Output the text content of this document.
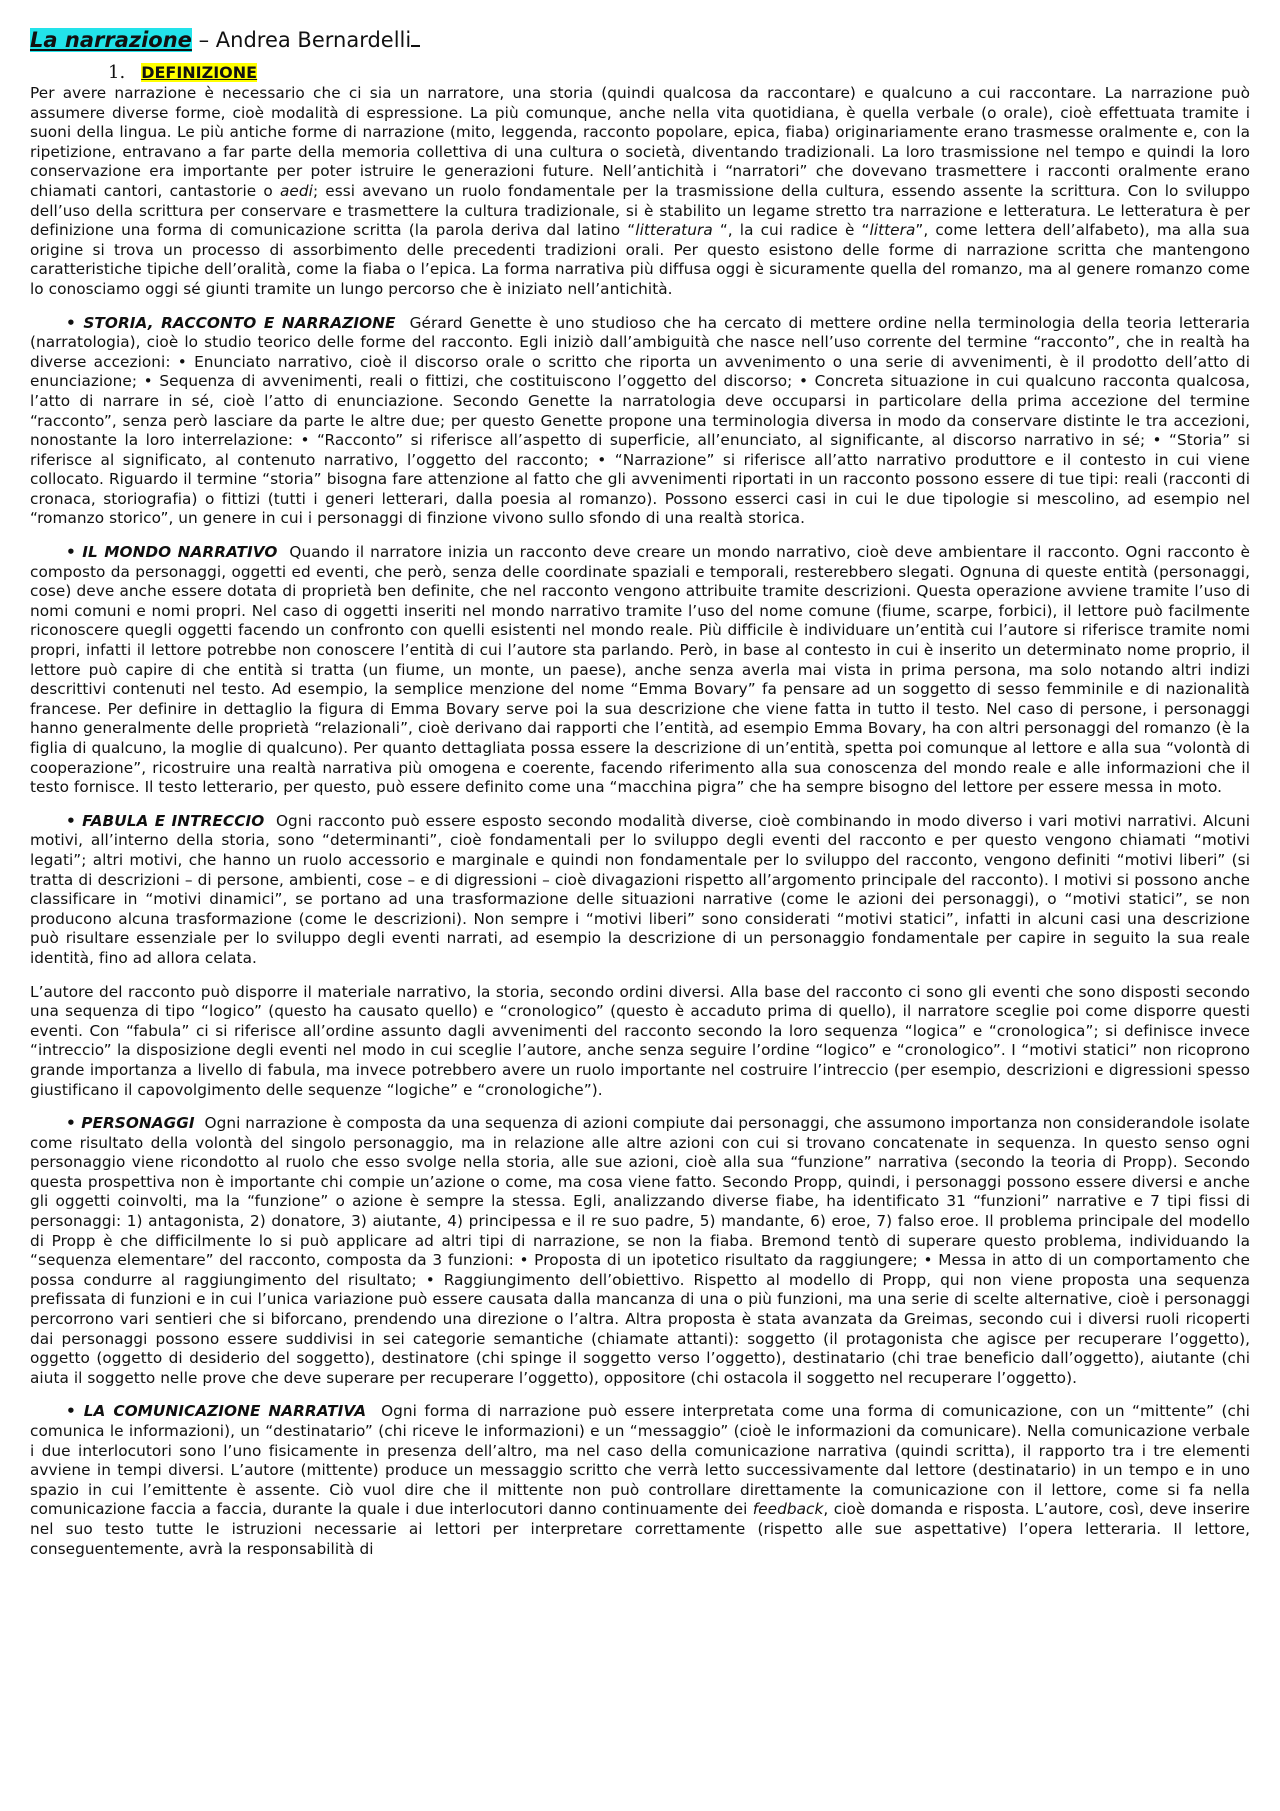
La narrazione – Andrea Bernardelli
1. DEFINIZIONE

Per avere narrazione è necessario che ci sia un narratore, una storia (quindi qualcosa da raccontare) e qualcuno a cui raccontare. La narrazione può assumere diverse forme, cioè modalità di espressione. La più comunque, anche nella vita quotidiana, è quella verbale (o orale), cioè effettuata tramite i suoni della lingua. Le più antiche forme di narrazione (mito, leggenda, racconto popolare, epica, fiaba) originariamente erano trasmesse oralmente e, con la ripetizione, entravano a far parte della memoria collettiva di una cultura o società, diventando tradizionali. La loro trasmissione nel tempo e quindi la loro conservazione era importante per poter istruire le generazioni future. Nell’antichità i “narratori” che dovevano trasmettere i racconti oralmente erano chiamati cantori, cantastorie o aedi; essi avevano un ruolo fondamentale per la trasmissione della cultura, essendo assente la scrittura. Con lo sviluppo dell’uso della scrittura per conservare e trasmettere la cultura tradizionale, si è stabilito un legame stretto tra narrazione e letteratura. Le letteratura è per definizione una forma di comunicazione scritta (la parola deriva dal latino “litteratura “, la cui radice è “littera”, come lettera dell’alfabeto), ma alla sua origine si trova un processo di assorbimento delle precedenti tradizioni orali. Per questo esistono delle forme di narrazione scritta che mantengono caratteristiche tipiche dell’oralità, come la fiaba o l’epica. La forma narrativa più diffusa oggi è sicuramente quella del romanzo, ma al genere romanzo come lo conosciamo oggi sé giunti tramite un lungo percorso che è iniziato nell’antichità.

• STORIA, RACCONTO E NARRAZIONE Gérard Genette è uno studioso che ha cercato di mettere ordine nella terminologia della teoria letteraria (narratologia), cioè lo studio teorico delle forme del racconto. Egli iniziò dall’ambiguità che nasce nell’uso corrente del termine “racconto”, che in realtà ha diverse accezioni: • Enunciato narrativo, cioè il discorso orale o scritto che riporta un avvenimento o una serie di avvenimenti, è il prodotto dell’atto di enunciazione; • Sequenza di avvenimenti, reali o fittizi, che costituiscono l’oggetto del discorso; • Concreta situazione in cui qualcuno racconta qualcosa, l’atto di narrare in sé, cioè l’atto di enunciazione. Secondo Genette la narratologia deve occuparsi in particolare della prima accezione del termine “racconto”, senza però lasciare da parte le altre due; per questo Genette propone una terminologia diversa in modo da conservare distinte le tra accezioni, nonostante la loro interrelazione: • “Racconto” si riferisce all’aspetto di superficie, all’enunciato, al significante, al discorso narrativo in sé; • “Storia” si riferisce al significato, al contenuto narrativo, l’oggetto del racconto; • “Narrazione” si riferisce all’atto narrativo produttore e il contesto in cui viene collocato. Riguardo il termine “storia” bisogna fare attenzione al fatto che gli avvenimenti riportati in un racconto possono essere di tue tipi: reali (racconti di cronaca, storiografia) o fittizi (tutti i generi letterari, dalla poesia al romanzo). Possono esserci casi in cui le due tipologie si mescolino, ad esempio nel “romanzo storico”, un genere in cui i personaggi di finzione vivono sullo sfondo di una realtà storica.

• IL MONDO NARRATIVO Quando il narratore inizia un racconto deve creare un mondo narrativo, cioè deve ambientare il racconto. Ogni racconto è composto da personaggi, oggetti ed eventi, che però, senza delle coordinate spaziali e temporali, resterebbero slegati. Ognuna di queste entità (personaggi, cose) deve anche essere dotata di proprietà ben definite, che nel racconto vengono attribuite tramite descrizioni. Questa operazione avviene tramite l’uso di nomi comuni e nomi propri. Nel caso di oggetti inseriti nel mondo narrativo tramite l’uso del nome comune (fiume, scarpe, forbici), il lettore può facilmente riconoscere quegli oggetti facendo un confronto con quelli esistenti nel mondo reale. Più difficile è individuare un’entità cui l’autore si riferisce tramite nomi propri, infatti il lettore potrebbe non conoscere l’entità di cui l’autore sta parlando. Però, in base al contesto in cui è inserito un determinato nome proprio, il lettore può capire di che entità si tratta (un fiume, un monte, un paese), anche senza averla mai vista in prima persona, ma solo notando altri indizi descrittivi contenuti nel testo. Ad esempio, la semplice menzione del nome “Emma Bovary” fa pensare ad un soggetto di sesso femminile e di nazionalità francese. Per definire in dettaglio la figura di Emma Bovary serve poi la sua descrizione che viene fatta in tutto il testo. Nel caso di persone, i personaggi hanno generalmente delle proprietà “relazionali”, cioè derivano dai rapporti che l’entità, ad esempio Emma Bovary, ha con altri personaggi del romanzo (è la figlia di qualcuno, la moglie di qualcuno). Per quanto dettagliata possa essere la descrizione di un’entità, spetta poi comunque al lettore e alla sua “volontà di cooperazione”, ricostruire una realtà narrativa più omogena e coerente, facendo riferimento alla sua conoscenza del mondo reale e alle informazioni che il testo fornisce. Il testo letterario, per questo, può essere definito come una “macchina pigra” che ha sempre bisogno del lettore per essere messa in moto.

• FABULA E INTRECCIO Ogni racconto può essere esposto secondo modalità diverse, cioè combinando in modo diverso i vari motivi narrativi. Alcuni motivi, all’interno della storia, sono “determinanti”, cioè fondamentali per lo sviluppo degli eventi del racconto e per questo vengono chiamati “motivi legati”; altri motivi, che hanno un ruolo accessorio e marginale e quindi non fondamentale per lo sviluppo del racconto, vengono definiti “motivi liberi” (si tratta di descrizioni – di persone, ambienti, cose – e di digressioni – cioè divagazioni rispetto all’argomento principale del racconto). I motivi si possono anche classificare in “motivi dinamici”, se portano ad una trasformazione delle situazioni narrative (come le azioni dei personaggi), o “motivi statici”, se non producono alcuna trasformazione (come le descrizioni). Non sempre i “motivi liberi” sono considerati “motivi statici”, infatti in alcuni casi una descrizione può risultare essenziale per lo sviluppo degli eventi narrati, ad esempio la descrizione di un personaggio fondamentale per capire in seguito la sua reale identità, fino ad allora celata.

L’autore del racconto può disporre il materiale narrativo, la storia, secondo ordini diversi. Alla base del racconto ci sono gli eventi che sono disposti secondo una sequenza di tipo “logico” (questo ha causato quello) e “cronologico” (questo è accaduto prima di quello), il narratore sceglie poi come disporre questi eventi. Con “fabula” ci si riferisce all’ordine assunto dagli avvenimenti del racconto secondo la loro sequenza “logica” e “cronologica”; si definisce invece “intreccio” la disposizione degli eventi nel modo in cui sceglie l’autore, anche senza seguire l’ordine “logico” e “cronologico”. I “motivi statici” non ricoprono grande importanza a livello di fabula, ma invece potrebbero avere un ruolo importante nel costruire l’intreccio (per esempio, descrizioni e digressioni spesso giustificano il capovolgimento delle sequenze “logiche” e “cronologiche”).

• PERSONAGGI Ogni narrazione è composta da una sequenza di azioni compiute dai personaggi, che assumono importanza non considerandole isolate come risultato della volontà del singolo personaggio, ma in relazione alle altre azioni con cui si trovano concatenate in sequenza. In questo senso ogni personaggio viene ricondotto al ruolo che esso svolge nella storia, alle sue azioni, cioè alla sua “funzione” narrativa (secondo la teoria di Propp). Secondo questa prospettiva non è importante chi compie un’azione o come, ma cosa viene fatto. Secondo Propp, quindi, i personaggi possono essere diversi e anche gli oggetti coinvolti, ma la “funzione” o azione è sempre la stessa. Egli, analizzando diverse fiabe, ha identificato 31 “funzioni” narrative e 7 tipi fissi di personaggi: 1) antagonista, 2) donatore, 3) aiutante, 4) principessa e il re suo padre, 5) mandante, 6) eroe, 7) falso eroe. Il problema principale del modello di Propp è che difficilmente lo si può applicare ad altri tipi di narrazione, se non la fiaba. Bremond tentò di superare questo problema, individuando la “sequenza elementare” del racconto, composta da 3 funzioni: • Proposta di un ipotetico risultato da raggiungere; • Messa in atto di un comportamento che possa condurre al raggiungimento del risultato; • Raggiungimento dell’obiettivo. Rispetto al modello di Propp, qui non viene proposta una sequenza prefissata di funzioni e in cui l’unica variazione può essere causata dalla mancanza di una o più funzioni, ma una serie di scelte alternative, cioè i personaggi percorrono vari sentieri che si biforcano, prendendo una direzione o l’altra. Altra proposta è stata avanzata da Greimas, secondo cui i diversi ruoli ricoperti dai personaggi possono essere suddivisi in sei categorie semantiche (chiamate attanti): soggetto (il protagonista che agisce per recuperare l’oggetto), oggetto (oggetto di desiderio del soggetto), destinatore (chi spinge il soggetto verso l’oggetto), destinatario (chi trae beneficio dall’oggetto), aiutante (chi aiuta il soggetto nelle prove che deve superare per recuperare l’oggetto), oppositore (chi ostacola il soggetto nel recuperare l’oggetto).

• LA COMUNICAZIONE NARRATIVA Ogni forma di narrazione può essere interpretata come una forma di comunicazione, con un “mittente” (chi comunica le informazioni), un “destinatario” (chi riceve le informazioni) e un “messaggio” (cioè le informazioni da comunicare). Nella comunicazione verbale i due interlocutori sono l’uno fisicamente in presenza dell’altro, ma nel caso della comunicazione narrativa (quindi scritta), il rapporto tra i tre elementi avviene in tempi diversi. L’autore (mittente) produce un messaggio scritto che verrà letto successivamente dal lettore (destinatario) in un tempo e in uno spazio in cui l’emittente è assente. Ciò vuol dire che il mittente non può controllare direttamente la comunicazione con il lettore, come si fa nella comunicazione faccia a faccia, durante la quale i due interlocutori danno continuamente dei feedback, cioè domanda e risposta. L’autore, così, deve inserire nel suo testo tutte le istruzioni necessarie ai lettori per interpretare correttamente (rispetto alle sue aspettative) l’opera letteraria. Il lettore, conseguentemente, avrà la responsabilità di
